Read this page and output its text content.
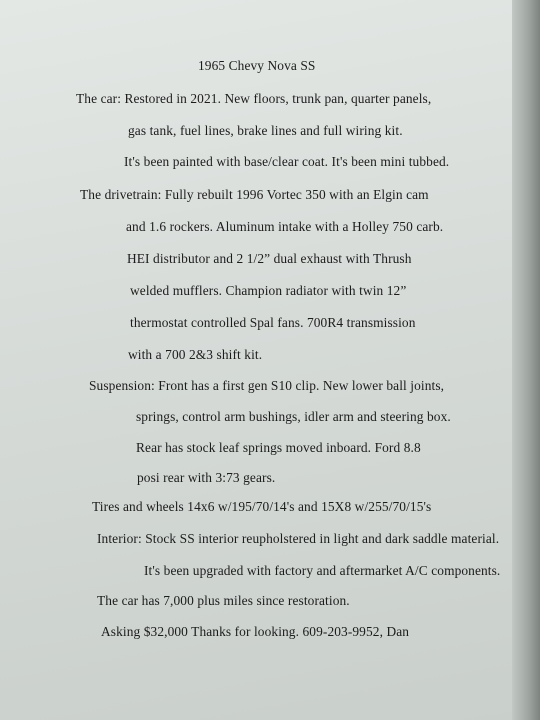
1965 Chevy Nova SS
The car: Restored in 2021. New floors, trunk pan, quarter panels,
gas tank, fuel lines, brake lines and full wiring kit.
It's been painted with base/clear coat. It's been mini tubbed.
The drivetrain: Fully rebuilt 1996 Vortec 350 with an Elgin cam
and 1.6 rockers. Aluminum intake with a Holley 750 carb.
HEI distributor and 2 1/2” dual exhaust with Thrush
welded mufflers. Champion radiator with twin 12”
thermostat controlled Spal fans. 700R4 transmission
with a 700 2&3 shift kit.
Suspension: Front has a first gen S10 clip. New lower ball joints,
springs, control arm bushings, idler arm and steering box.
Rear has stock leaf springs moved inboard. Ford 8.8
posi rear with 3:73 gears.
Tires and wheels 14x6 w/195/70/14's and 15X8 w/255/70/15's
Interior: Stock SS interior reupholstered in light and dark saddle material.
It's been upgraded with factory and aftermarket A/C components.
The car has 7,000 plus miles since restoration.
Asking $32,000 Thanks for looking. 609-203-9952, Dan
